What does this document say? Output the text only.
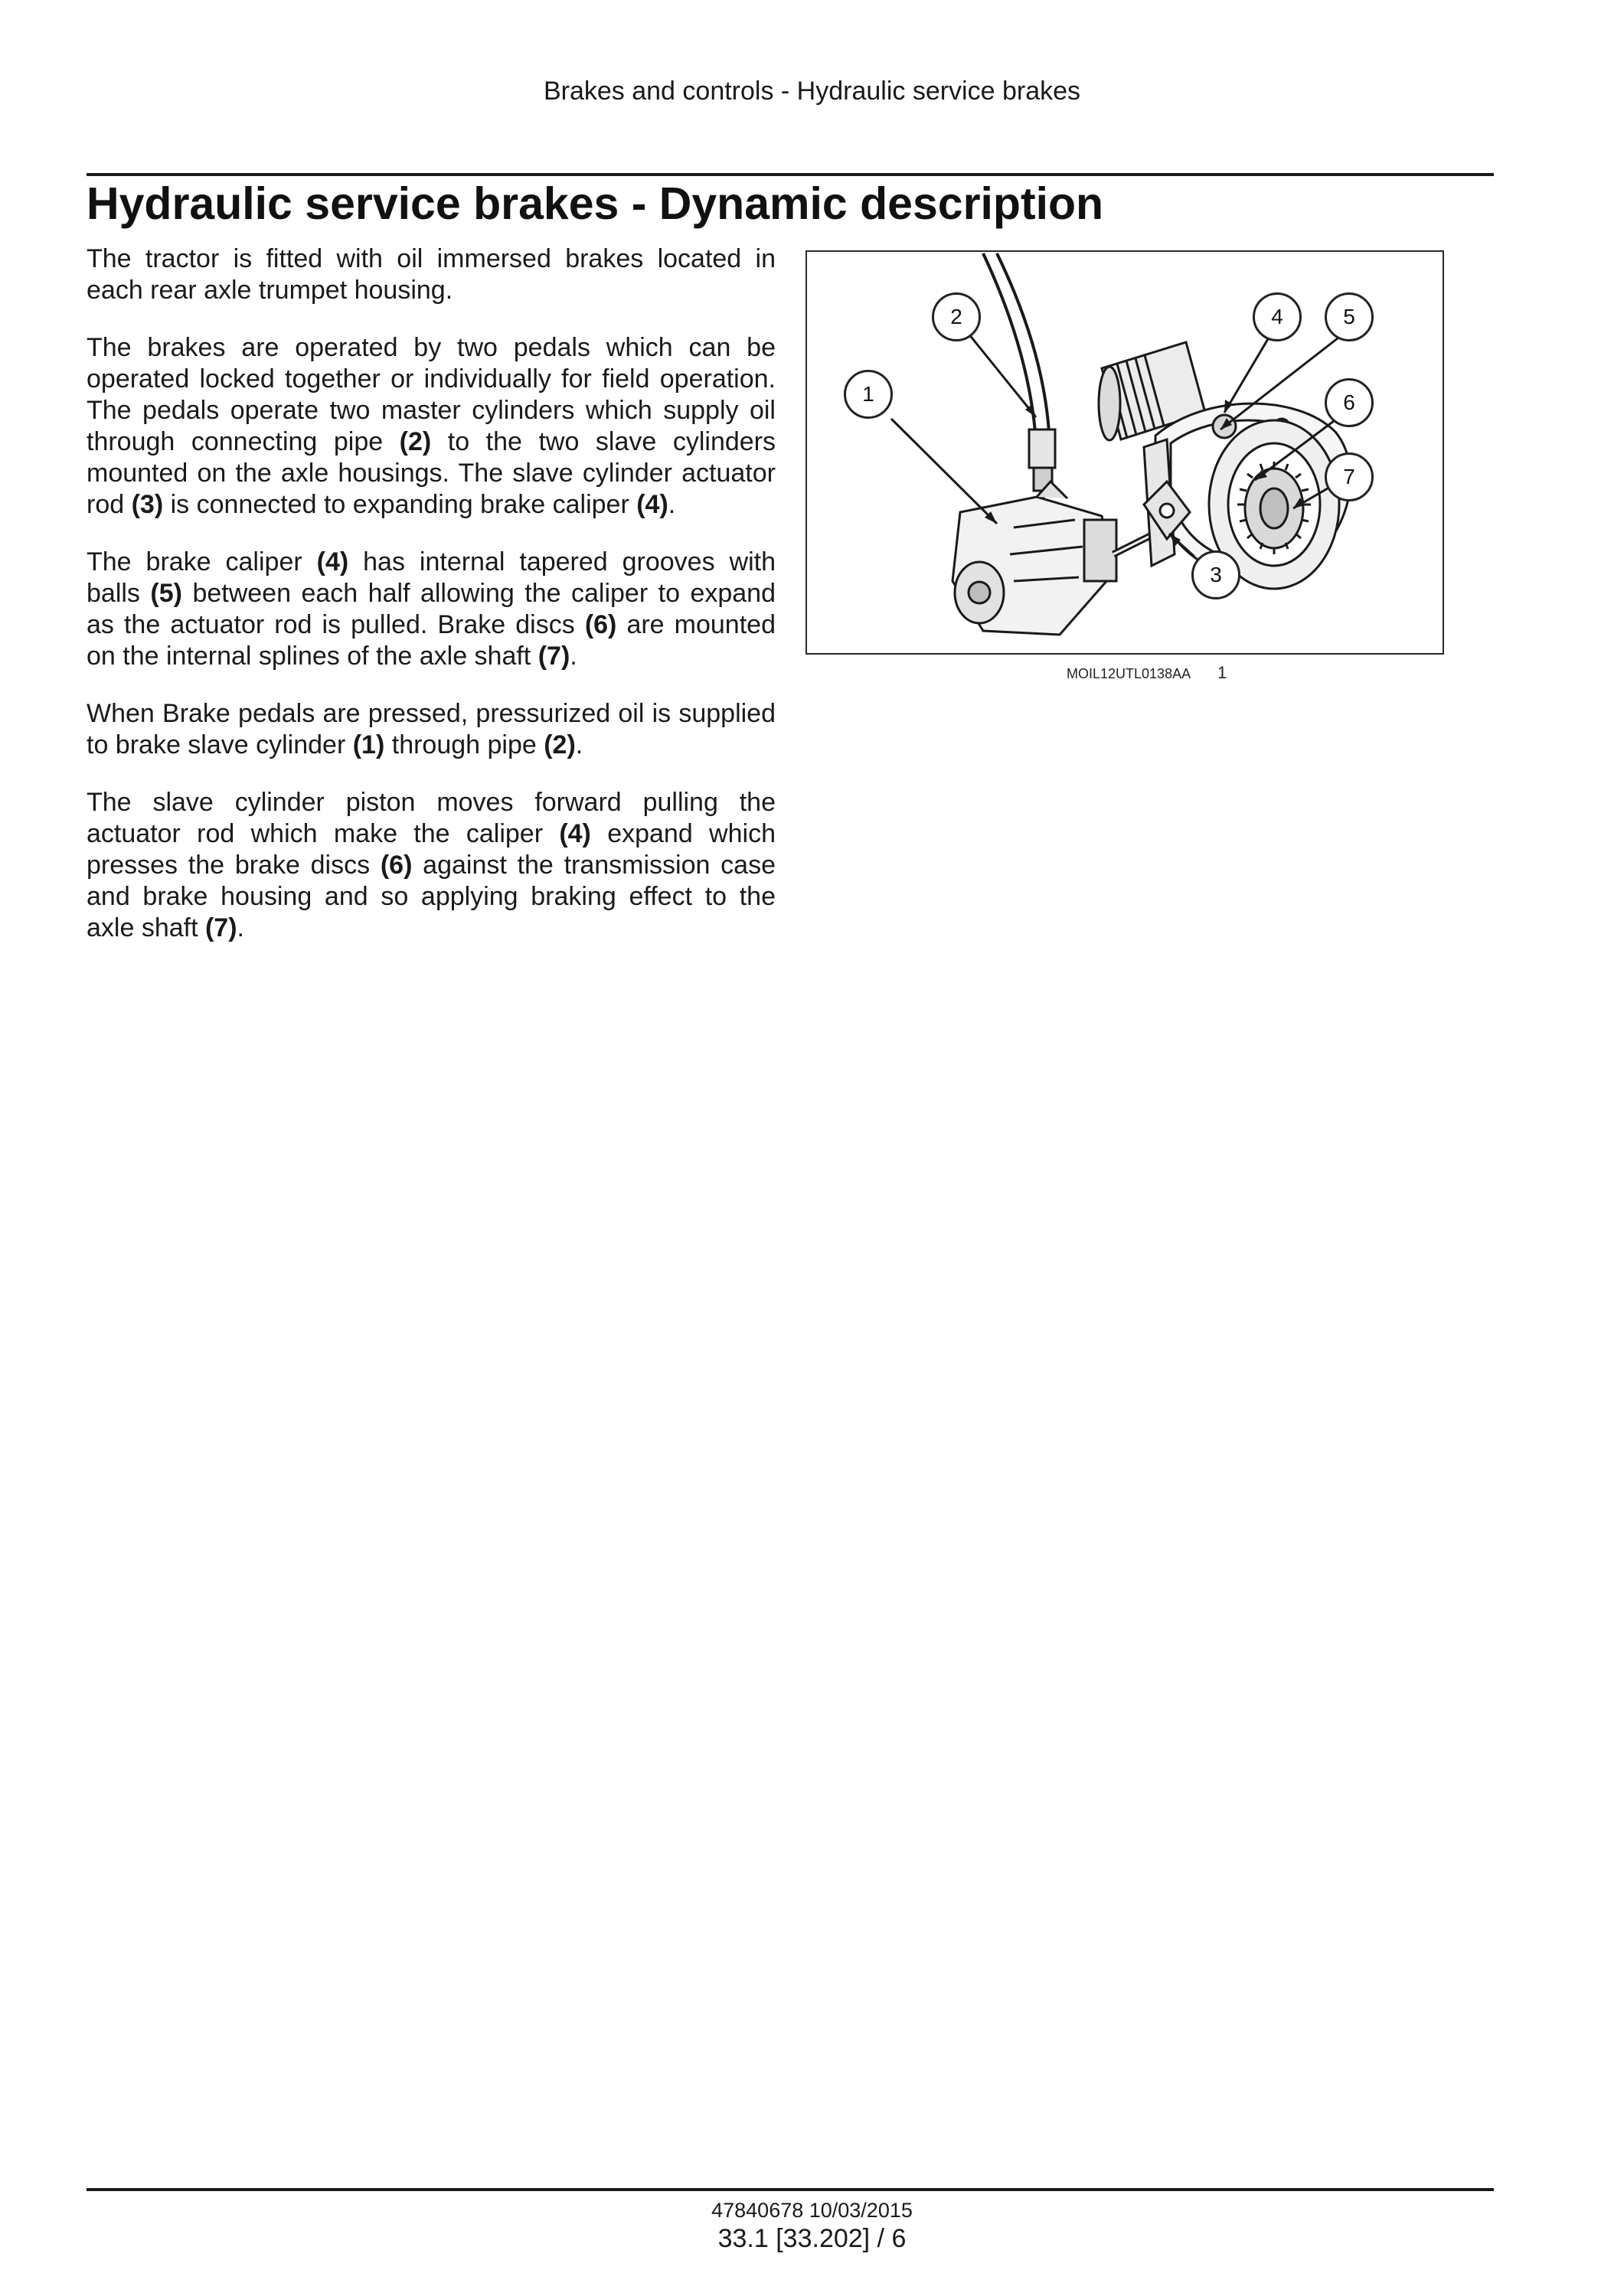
Brakes and controls - Hydraulic service brakes
Hydraulic service brakes - Dynamic description

The tractor is fitted with oil immersed brakes located in each rear axle trumpet housing.

The brakes are operated by two pedals which can be operated locked together or individually for field operation. The pedals operate two master cylinders which supply oil through connecting pipe (2) to the two slave cylinders mounted on the axle housings. The slave cylinder actuator rod (3) is connected to expanding brake caliper (4).

The brake caliper (4) has internal tapered grooves with balls (5) between each half allowing the caliper to expand as the actuator rod is pulled. Brake discs (6) are mounted on the internal splines of the axle shaft (7).

When Brake pedals are pressed, pressurized oil is supplied to brake slave cylinder (1) through pipe (2).

The slave cylinder piston moves forward pulling the actuator rod which make the caliper (4) expand which presses the brake discs (6) against the transmission case and brake housing and so applying braking effect to the axle shaft (7).

1
2
3
4	5
6
7
MOIL12UTL0138AA 1
47840678 10/03/2015
33.1 [33.202] / 6
